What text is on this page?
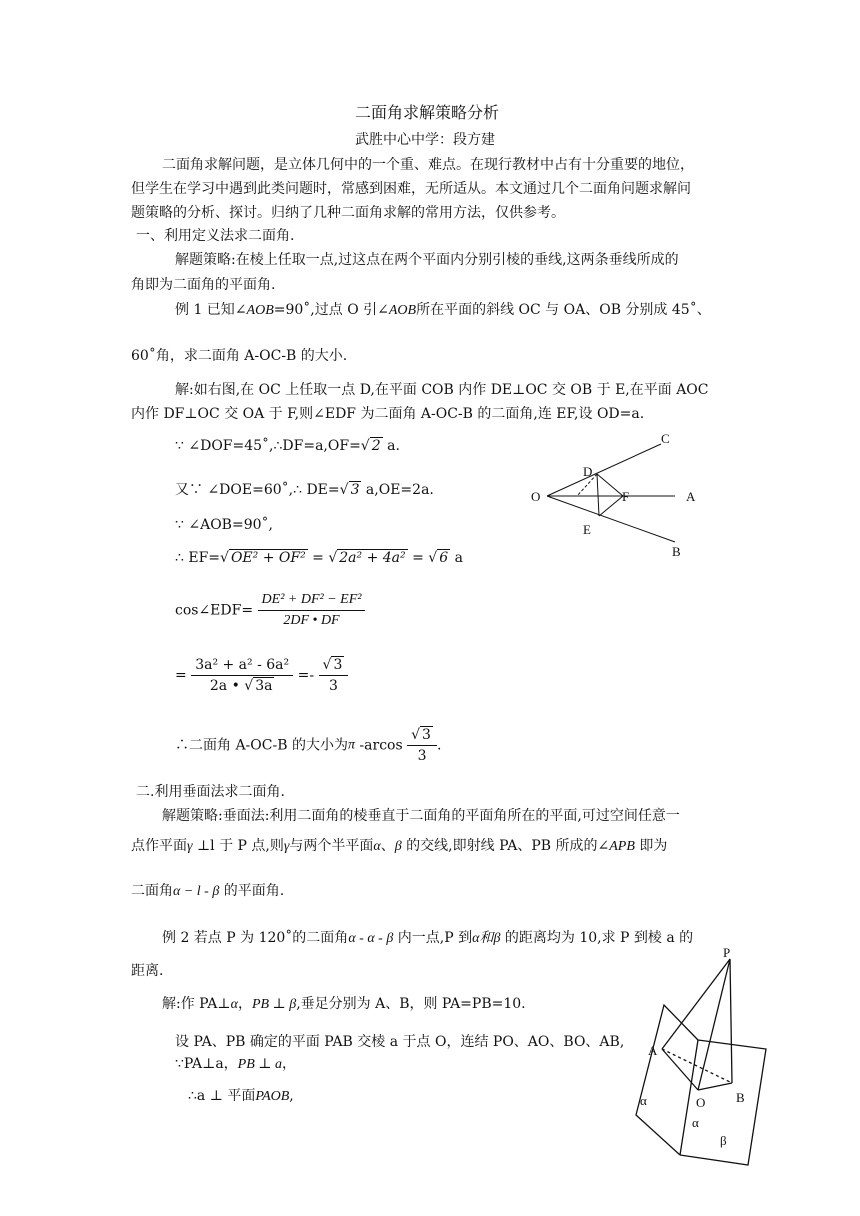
二面角求解策略分析
武胜中心中学：段方建
二面角求解问题，是立体几何中的一个重、难点。在现行教材中占有十分重要的地位，
但学生在学习中遇到此类问题时，常感到困难，无所适从。本文通过几个二面角问题求解问
题策略的分析、探讨。归纳了几种二面角求解的常用方法，仅供参考。
一、利用定义法求二面角.
解题策略:在棱上任取一点,过这点在两个平面内分别引棱的垂线,这两条垂线所成的
角即为二面角的平面角.
例 1 已知∠AOB=90˚,过点 O 引∠AOB所在平面的斜线 OC 与 OA、OB 分别成 45˚、
60˚角，求二面角 A-OC-B 的大小.
解:如右图,在 OC 上任取一点 D,在平面 COB 内作 DE⊥OC 交 OB 于 E,在平面 AOC
内作 DF⊥OC 交 OA 于 F,则∠EDF 为二面角 A-OC-B 的二面角,连 EF,设 OD=a.
∵ ∠DOF=45˚,∴DF=a,OF=√ 2 a.
又∵ ∠DOE=60˚,∴ DE=√ 3 a,OE=2a.
∵ ∠AOB=90˚,
∴ EF=√ OE² + OF² = √ 2a² + 4a² = √ 6 a
cos∠EDF= $\frac{\text{DE² + DF² − EF²}}{2DF • DF}$
= $\frac{\text{3a² + a² - 6a²}}{2a • √ 3a} =- \frac{√ 3}{3}$
∴二面角 A-OC-B 的大小为π $-arcos \frac{√ 3}{3}$ .
C
D
O	F	A
E
B
二.利用垂面法求二面角.
解题策略:垂面法:利用二面角的棱垂直于二面角的平面角所在的平面,可过空间任意一
点作平面γ ⊥l 于 P 点,则γ与两个半平面α、β 的交线,即射线 PA、PB 所成的∠APB 即为
二面角α − l - β 的平面角.
例 2 若点 P 为 120˚的二面角α - α - β 内一点,P 到α和β 的距离均为 10,求 P 到棱 a 的
距离.
解:作 PA⊥α，PB ⊥ β,垂足分别为 A、B，则 PA=PB=10.
设 PA、PB 确定的平面 PAB 交棱 a 于点 O，连结 PO、AO、BO、AB,
∵PA⊥a，PB ⊥ a，
∴a ⊥ 平面PAOB,
P
A
O B
α
α
β
